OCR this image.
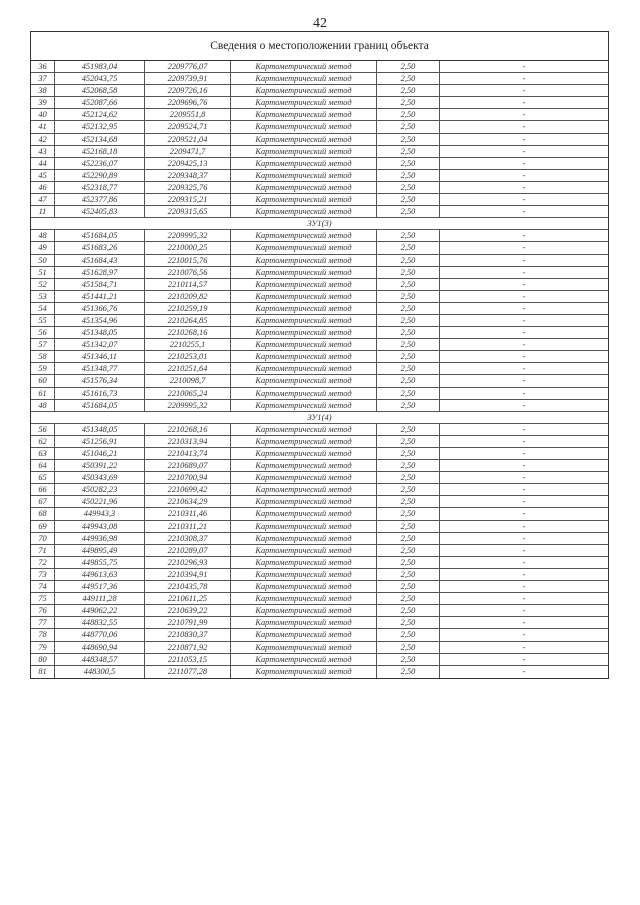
42
Сведения о местоположении границ объекта
36	451983,04	2209776,07	Картометрический метод	2,50	-
37	452043,75	2209739,91	Картометрический метод	2,50	-
38	452068,58	2209726,16	Картометрический метод	2,50	-
39	452087,66	2209696,76	Картометрический метод	2,50	-
40	452124,62	2209551,8	Картометрический метод	2,50	-
41	452132,95	2209524,71	Картометрический метод	2,50	-
42	452134,68	2209521,04	Картометрический метод	2,50	-
43	452168,18	2209471,7	Картометрический метод	2,50	-
44	452236,07	2209425,13	Картометрический метод	2,50	-
45	452290,89	2209348,37	Картометрический метод	2,50	-
46	452318,77	2209325,76	Картометрический метод	2,50	-
47	452377,86	2209315,21	Картометрический метод	2,50	-
11	452405,83	2209315,65	Картометрический метод	2,50	-
ЗУ1(3)
48	451684,05	2209995,32	Картометрический метод	2,50	-
49	451683,26	2210000,25	Картометрический метод	2,50	-
50	451684,43	2210015,76	Картометрический метод	2,50	-
51	451628,97	2210076,56	Картометрический метод	2,50	-
52	451584,71	2210114,57	Картометрический метод	2,50	-
53	451441,21	2210209,82	Картометрический метод	2,50	-
54	451366,76	2210259,19	Картометрический метод	2,50	-
55	451354,96	2210264,85	Картометрический метод	2,50	-
56	451348,05	2210268,16	Картометрический метод	2,50	-
57	451342,07	2210255,1	Картометрический метод	2,50	-
58	451346,11	2210253,01	Картометрический метод	2,50	-
59	451348,77	2210251,64	Картометрический метод	2,50	-
60	451576,34	2210098,7	Картометрический метод	2,50	-
61	451616,73	2210065,24	Картометрический метод	2,50	-
48	451684,05	2209995,32	Картометрический метод	2,50	-
ЗУ1(4)
56	451348,05	2210268,16	Картометрический метод	2,50	-
62	451256,91	2210313,94	Картометрический метод	2,50	-
63	451046,21	2210413,74	Картометрический метод	2,50	-
64	450391,22	2210689,07	Картометрический метод	2,50	-
65	450343,69	2210700,94	Картометрический метод	2,50	-
66	450282,23	2210699,42	Картометрический метод	2,50	-
67	450221,96	2210634,29	Картометрический метод	2,50	-
68	449943,3	2210311,46	Картометрический метод	2,50	-
69	449943,08	2210311,21	Картометрический метод	2,50	-
70	449936,98	2210308,37	Картометрический метод	2,50	-
71	449895,49	2210289,07	Картометрический метод	2,50	-
72	449855,75	2210296,93	Картометрический метод	2,50	-
73	449613,63	2210394,91	Картометрический метод	2,50	-
74	449517,36	2210435,78	Картометрический метод	2,50	-
75	449111,28	2210611,25	Картометрический метод	2,50	-
76	449062,22	2210639,22	Картометрический метод	2,50	-
77	448832,55	2210791,99	Картометрический метод	2,50	-
78	448770,06	2210830,37	Картометрический метод	2,50	-
79	448690,94	2210871,92	Картометрический метод	2,50	-
80	448348,57	2211053,15	Картометрический метод	2,50	-
81	448300,5	2211077,28	Картометрический метод	2,50	-
